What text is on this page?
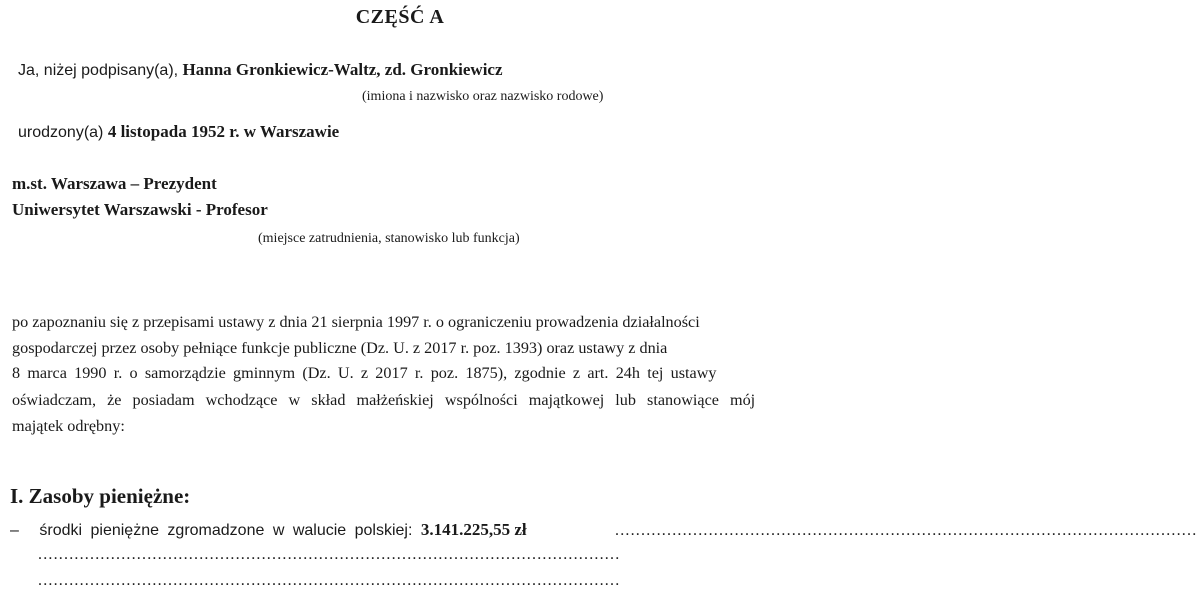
CZĘŚĆ A
Ja, niżej podpisany(a), Hanna Gronkiewicz-Waltz, zd. Gronkiewicz
(imiona i nazwisko oraz nazwisko rodowe)
urodzony(a) 4 listopada 1952 r. w Warszawie
m.st. Warszawa – Prezydent
Uniwersytet Warszawski - Profesor
(miejsce zatrudnienia, stanowisko lub funkcja)
po zapoznaniu się z przepisami ustawy z dnia 21 sierpnia 1997 r. o ograniczeniu prowadzenia działalności
gospodarczej przez osoby pełniące funkcje publiczne (Dz. U. z 2017 r. poz. 1393) oraz ustawy z dnia
8 marca 1990 r. o samorządzie gminnym (Dz. U. z 2017 r. poz. 1875), zgodnie z art. 24h tej ustawy
oświadczam, że posiadam wchodzące w skład małżeńskiej wspólności majątkowej lub stanowiące mój
majątek odrębny:
I. Zasoby pieniężne:
– środki pieniężne zgromadzone w walucie polskiej: 3.141.225,55 zł	................................................................................................................
................................................................................................................
................................................................................................................
